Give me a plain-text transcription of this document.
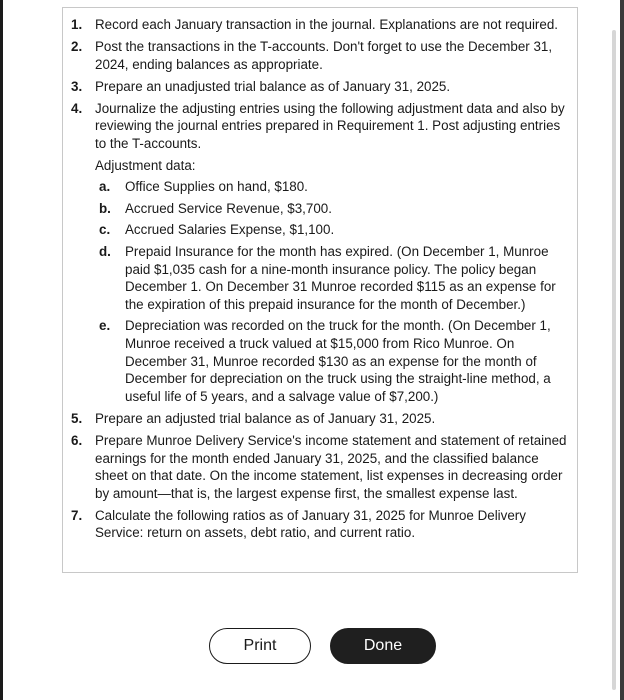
1. Record each January transaction in the journal. Explanations are not required.
2. Post the transactions in the T-accounts. Don't forget to use the December 31, 2024, ending balances as appropriate.
3. Prepare an unadjusted trial balance as of January 31, 2025.
4. Journalize the adjusting entries using the following adjustment data and also by reviewing the journal entries prepared in Requirement 1. Post adjusting entries to the T-accounts.
Adjustment data:
a. Office Supplies on hand, $180.
b. Accrued Service Revenue, $3,700.
c. Accrued Salaries Expense, $1,100.
d. Prepaid Insurance for the month has expired. (On December 1, Munroe paid $1,035 cash for a nine-month insurance policy. The policy began December 1. On December 31 Munroe recorded $115 as an expense for the expiration of this prepaid insurance for the month of December.)
e. Depreciation was recorded on the truck for the month. (On December 1, Munroe received a truck valued at $15,000 from Rico Munroe. On December 31, Munroe recorded $130 as an expense for the month of December for depreciation on the truck using the straight-line method, a useful life of 5 years, and a salvage value of $7,200.)
5. Prepare an adjusted trial balance as of January 31, 2025.
6. Prepare Munroe Delivery Service's income statement and statement of retained earnings for the month ended January 31, 2025, and the classified balance sheet on that date. On the income statement, list expenses in decreasing order by amount—that is, the largest expense first, the smallest expense last.
7. Calculate the following ratios as of January 31, 2025 for Munroe Delivery Service: return on assets, debt ratio, and current ratio.
Print	Done
